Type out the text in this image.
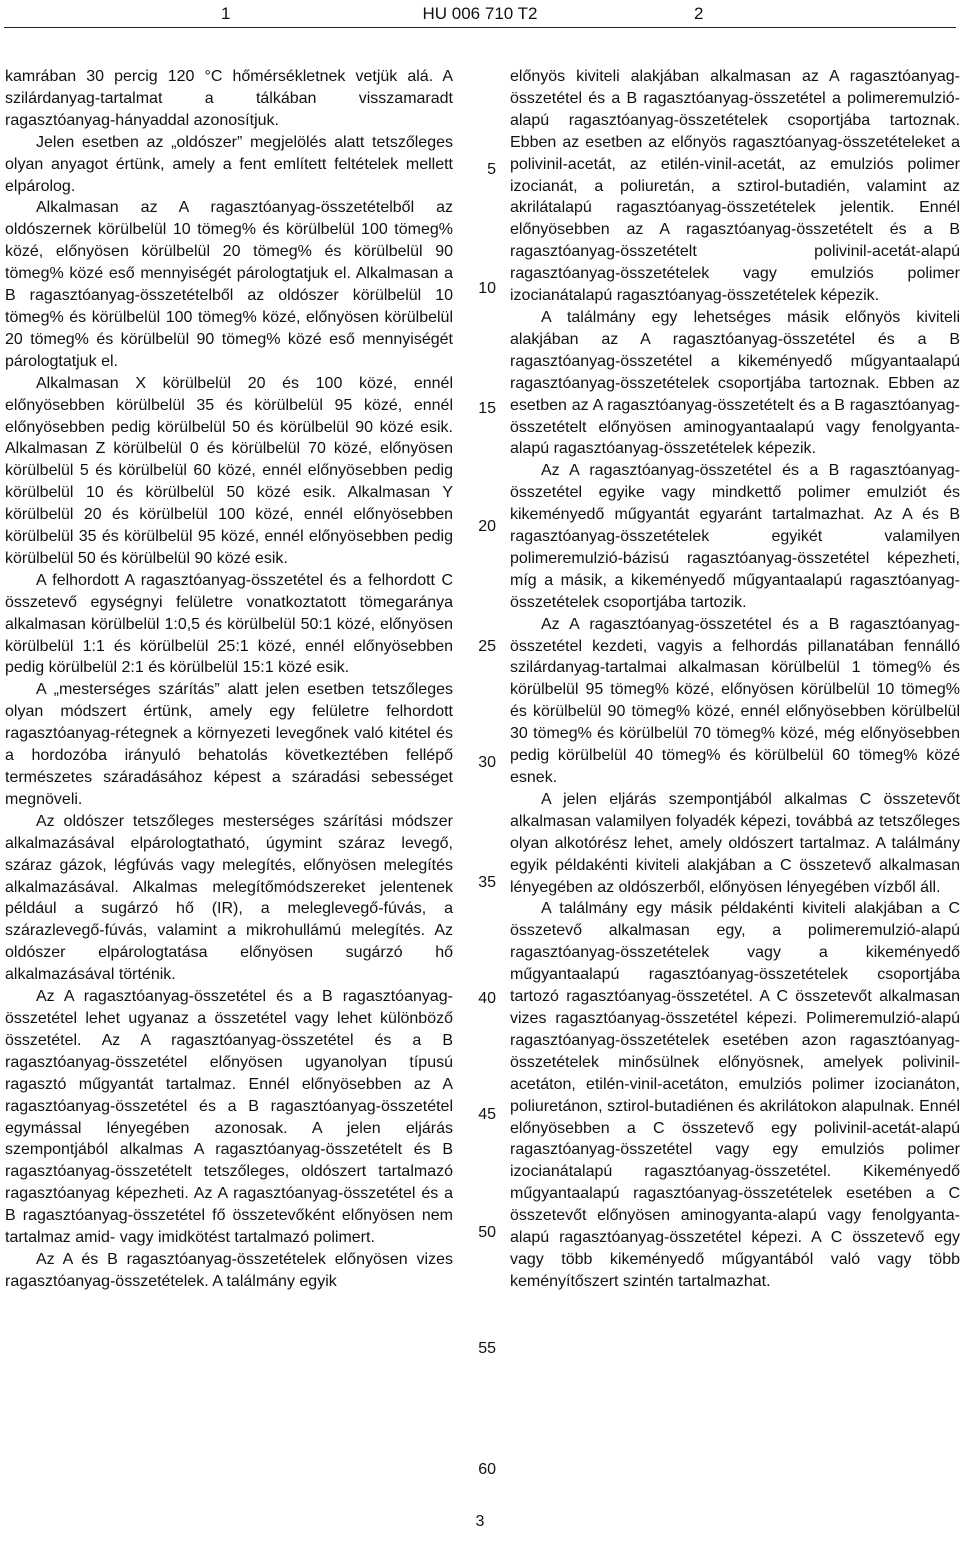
1	HU 006 710 T2	2

kamrában 30 percig 120 °C hőmérsékletnek vetjük alá. A szilárdanyag-tartalmat a tálkában visszamaradt ragasztóanyag-hányaddal azonosítjuk.

Jelen esetben az „oldószer” megjelölés alatt tetszőleges olyan anyagot értünk, amely a fent említett feltételek mellett elpárolog.

Alkalmasan az A ragasztóanyag-összetételből az oldószernek körülbelül 10 tömeg% és körülbelül 100 tömeg% közé, előnyösen körülbelül 20 tömeg% és körülbelül 90 tömeg% közé eső mennyiségét párologtatjuk el. Alkalmasan a B ragasztóanyag-összetételből az oldószer körülbelül 10 tömeg% és körülbelül 100 tömeg% közé, előnyösen körülbelül 20 tömeg% és körülbelül 90 tömeg% közé eső mennyiségét párologtatjuk el.

Alkalmasan X körülbelül 20 és 100 közé, ennél előnyösebben körülbelül 35 és körülbelül 95 közé, ennél előnyösebben pedig körülbelül 50 és körülbelül 90 közé esik. Alkalmasan Z körülbelül 0 és körülbelül 70 közé, előnyösen körülbelül 5 és körülbelül 60 közé, ennél előnyösebben pedig körülbelül 10 és körülbelül 50 közé esik. Alkalmasan Y körülbelül 20 és körülbelül 100 közé, ennél előnyösebben körülbelül 35 és körülbelül 95 közé, ennél előnyösebben pedig körülbelül 50 és körülbelül 90 közé esik.

A felhordott A ragasztóanyag-összetétel és a felhordott C összetevő egységnyi felületre vonatkoztatott tömegaránya alkalmasan körülbelül 1:0,5 és körülbelül 50:1 közé, előnyösen körülbelül 1:1 és körülbelül 25:1 közé, ennél előnyösebben pedig körülbelül 2:1 és körülbelül 15:1 közé esik.

A „mesterséges szárítás” alatt jelen esetben tetszőleges olyan módszert értünk, amely egy felületre felhordott ragasztóanyag-rétegnek a környezeti levegőnek való kitétel és a hordozóba irányuló behatolás következtében fellépő természetes száradásához képest a száradási sebességet megnöveli.

Az oldószer tetszőleges mesterséges szárítási módszer alkalmazásával elpárologtatható, úgymint száraz levegő, száraz gázok, légfúvás vagy melegítés, előnyösen melegítés alkalmazásával. Alkalmas melegítőmódszereket jelentenek például a sugárzó hő (IR), a meleglevegő-fúvás, a szárazlevegő-fúvás, valamint a mikrohullámú melegítés. Az oldószer elpárologtatása előnyösen sugárzó hő alkalmazásával történik.

Az A ragasztóanyag-összetétel és a B ragasztóanyag-összetétel lehet ugyanaz a összetétel vagy lehet különböző összetétel. Az A ragasztóanyag-összetétel és a B ragasztóanyag-összetétel előnyösen ugyanolyan típusú ragasztó műgyantát tartalmaz. Ennél előnyösebben az A ragasztóanyag-összetétel és a B ragasztóanyag-összetétel egymással lényegében azonosak. A jelen eljárás szempontjából alkalmas A ragasztóanyag-összetételt és B ragasztóanyag-összetételt tetszőleges, oldószert tartalmazó ragasztóanyag képezheti. Az A ragasztóanyag-összetétel és a B ragasztóanyag-összetétel fő összetevőként előnyösen nem tartalmaz amid- vagy imidkötést tartalmazó polimert.

Az A és B ragasztóanyag-összetételek előnyösen vizes ragasztóanyag-összetételek. A találmány egyik

5
10
15
20
25
30
35
40
45
50
55
60

előnyös kiviteli alakjában alkalmasan az A ragasztóanyag-összetétel és a B ragasztóanyag-összetétel a polimeremulzió-alapú ragasztóanyag-összetételek csoportjába tartoznak. Ebben az esetben az előnyös ragasztóanyag-összetételeket a polivinil-acetát, az etilén-vinil-acetát, az emulziós polimer izocianát, a poliuretán, a sztirol-butadién, valamint az akrilátalapú ragasztóanyag-összetételek jelentik. Ennél előnyösebben az A ragasztóanyag-összetételt és a B ragasztóanyag-összetételt polivinil-acetát-alapú ragasztóanyag-összetételek vagy emulziós polimer izocianátalapú ragasztóanyag-összetételek képezik.

A találmány egy lehetséges másik előnyös kiviteli alakjában az A ragasztóanyag-összetétel és a B ragasztóanyag-összetétel a kikeményedő műgyantaalapú ragasztóanyag-összetételek csoportjába tartoznak. Ebben az esetben az A ragasztóanyag-összetételt és a B ragasztóanyag-összetételt előnyösen aminogyantaalapú vagy fenolgyanta-alapú ragasztóanyag-összetételek képezik.

Az A ragasztóanyag-összetétel és a B ragasztóanyag-összetétel egyike vagy mindkettő polimer emulziót és kikeményedő műgyantát egyaránt tartalmazhat. Az A és B ragasztóanyag-összetételek egyikét valamilyen polimeremulzió-bázisú ragasztóanyag-összetétel képezheti, míg a másik, a kikeményedő műgyantaalapú ragasztóanyag-összetételek csoportjába tartozik.

Az A ragasztóanyag-összetétel és a B ragasztóanyag-összetétel kezdeti, vagyis a felhordás pillanatában fennálló szilárdanyag-tartalmai alkalmasan körülbelül 1 tömeg% és körülbelül 95 tömeg% közé, előnyösen körülbelül 10 tömeg% és körülbelül 90 tömeg% közé, ennél előnyösebben körülbelül 30 tömeg% és körülbelül 70 tömeg% közé, még előnyösebben pedig körülbelül 40 tömeg% és körülbelül 60 tömeg% közé esnek.

A jelen eljárás szempontjából alkalmas C összetevőt alkalmasan valamilyen folyadék képezi, továbbá az tetszőleges olyan alkotórész lehet, amely oldószert tartalmaz. A találmány egyik példakénti kiviteli alakjában a C összetevő alkalmasan lényegében az oldószerből, előnyösen lényegében vízből áll.

A találmány egy másik példakénti kiviteli alakjában a C összetevő alkalmasan egy, a polimeremulzió-alapú ragasztóanyag-összetételek vagy a kikeményedő műgyantaalapú ragasztóanyag-összetételek csoportjába tartozó ragasztóanyag-összetétel. A C összetevőt alkalmasan vizes ragasztóanyag-összetétel képezi. Polimeremulzió-alapú ragasztóanyag-összetételek esetében azon ragasztóanyag-összetételek minősülnek előnyösnek, amelyek polivinil-acetáton, etilén-vinil-acetáton, emulziós polimer izocianáton, poliuretánon, sztirol-butadiénen és akrilátokon alapulnak. Ennél előnyösebben a C összetevő egy polivinil-acetát-alapú ragasztóanyag-összetétel vagy egy emulziós polimer izocianátalapú ragasztóanyag-összetétel. Kikeményedő műgyantaalapú ragasztóanyag-összetételek esetében a C összetevőt előnyösen aminogyanta-alapú vagy fenolgyanta-alapú ragasztóanyag-összetétel képezi. A C összetevő egy vagy több kikeményedő műgyantából való vagy több keményítőszert szintén tartalmazhat.

3
